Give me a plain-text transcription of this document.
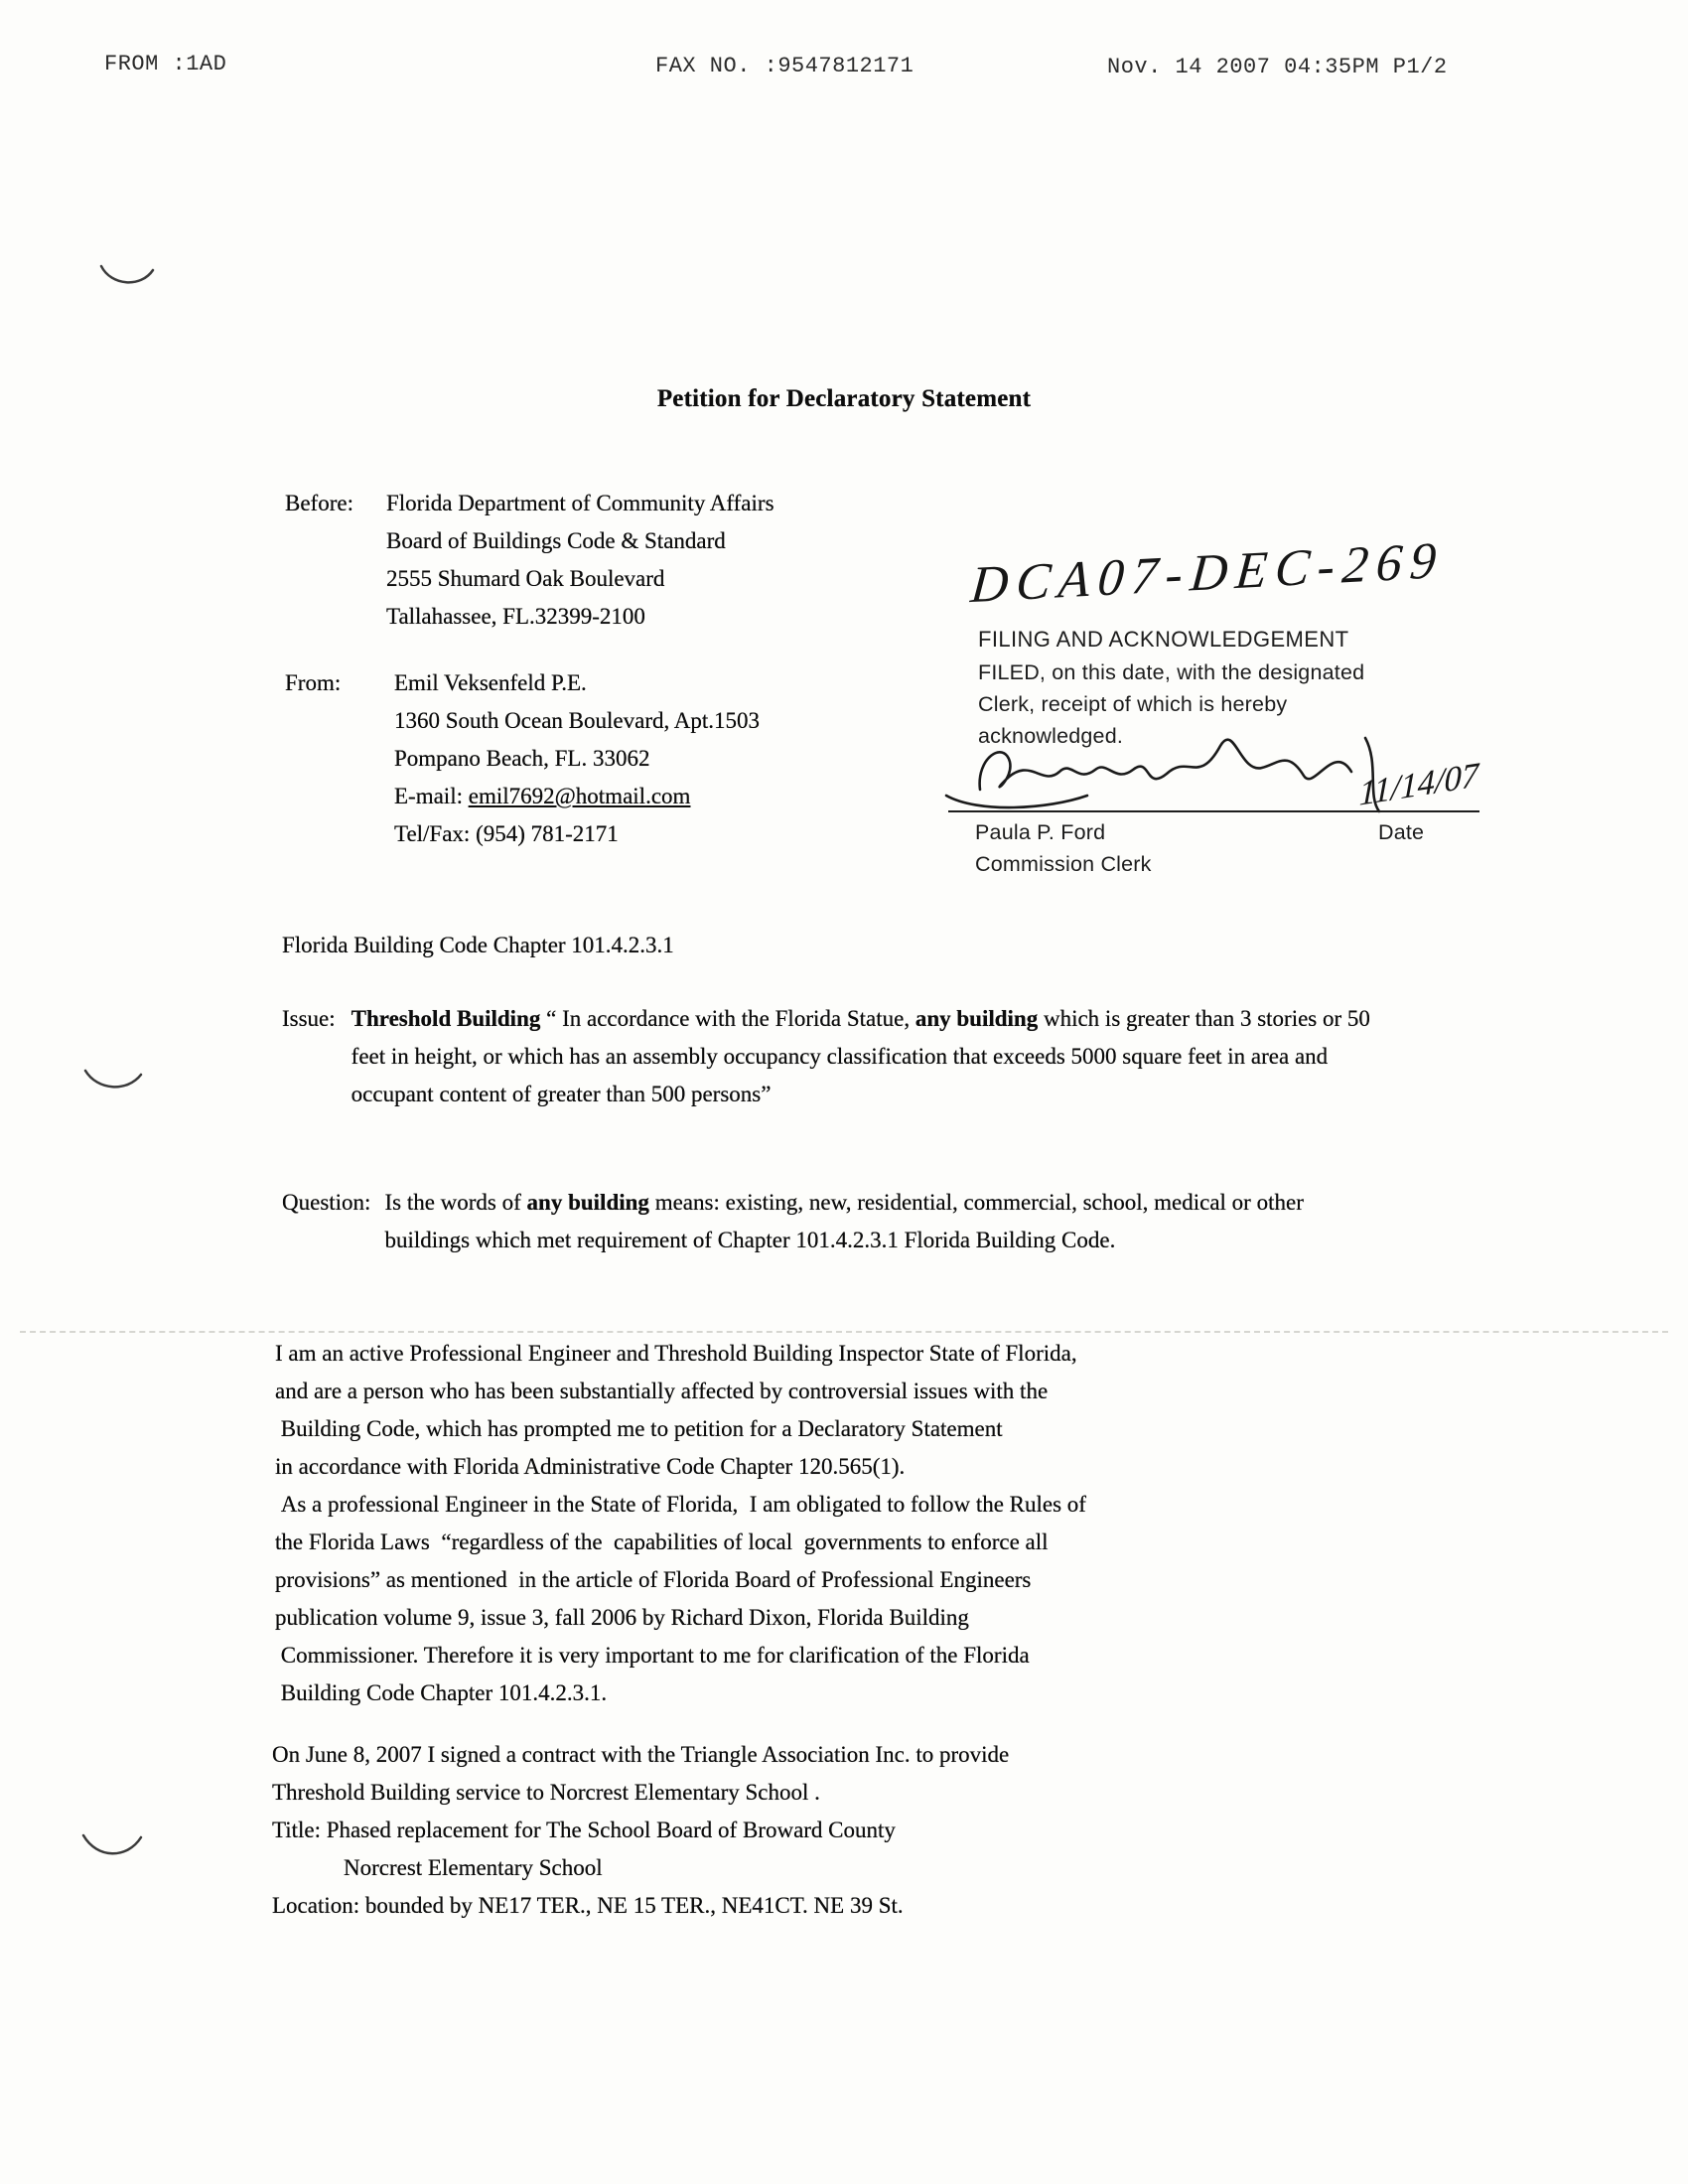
FROM :1AD	FAX NO. :9547812171	Nov. 14 2007 04:35PM P1/2
Petition for Declaratory Statement
Before:	Florida Department of Community Affairs
Board of Buildings Code & Standard
2555 Shumard Oak Boulevard
Tallahassee, FL.32399-2100
From:	Emil Veksenfeld P.E.
1360 South Ocean Boulevard, Apt.1503
Pompano Beach, FL. 33062
E-mail: emil7692@hotmail.com
Tel/Fax: (954) 781-2171
DCA07-DEC-269
FILING AND ACKNOWLEDGEMENT
FILED, on this date, with the designated
Clerk, receipt of which is hereby
acknowledged.
11/14/07
Paula P. Ford	Date
Commission Clerk
Florida Building Code Chapter 101.4.2.3.1
Issue: Threshold Building “ In accordance with the Florida Statue, any building which is greater than 3 stories or 50 feet in height, or which has an assembly occupancy classification that exceeds 5000 square feet in area and occupant content of greater than 500 persons”
Question: Is the words of any building means: existing, new, residential, commercial, school, medical or other buildings which met requirement of Chapter 101.4.2.3.1 Florida Building Code.
I am an active Professional Engineer and Threshold Building Inspector State of Florida,
and are a person who has been substantially affected by controversial issues with the
Building Code, which has prompted me to petition for a Declaratory Statement
in accordance with Florida Administrative Code Chapter 120.565(1).
As a professional Engineer in the State of Florida,  I am obligated to follow the Rules of
the Florida Laws  “regardless of the  capabilities of local  governments to enforce all
provisions” as mentioned  in the article of Florida Board of Professional Engineers
publication volume 9, issue 3, fall 2006 by Richard Dixon, Florida Building
Commissioner. Therefore it is very important to me for clarification of the Florida
Building Code Chapter 101.4.2.3.1.
On June 8, 2007 I signed a contract with the Triangle Association Inc. to provide
Threshold Building service to Norcrest Elementary School .
Title: Phased replacement for The School Board of Broward County
Norcrest Elementary School
Location: bounded by NE17 TER., NE 15 TER., NE41CT. NE 39 St.
